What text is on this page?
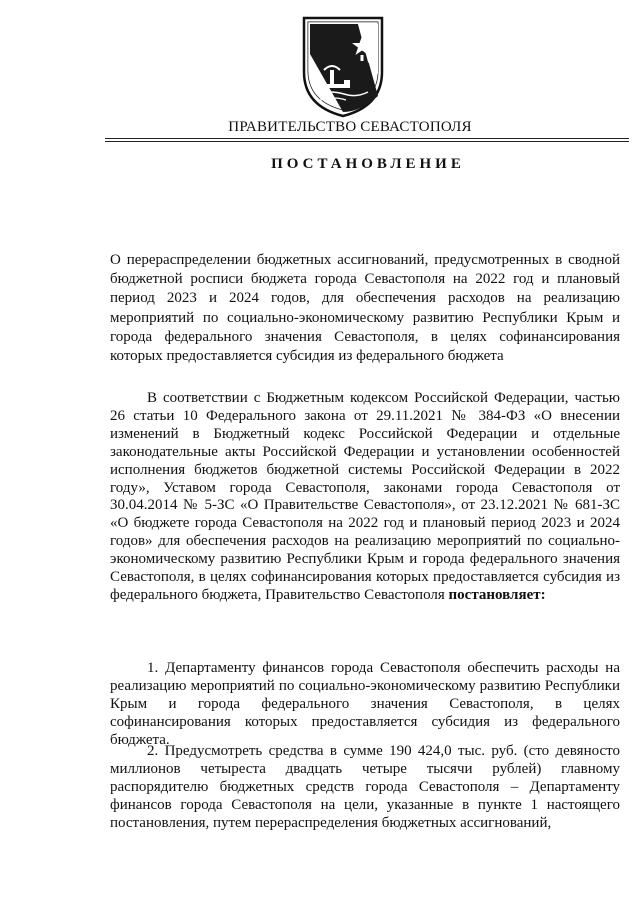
ПРАВИТЕЛЬСТВО СЕВАСТОПОЛЯ
ПОСТАНОВЛЕНИЕ
О перераспределении бюджетных ассигнований, предусмотренных в сводной бюджетной росписи бюджета города Севастополя на 2022 год и плановый период 2023 и 2024 годов, для обеспечения расходов на реализацию мероприятий по социально-экономическому развитию Республики Крым и города федерального значения Севастополя, в целях софинансирования которых предоставляется субсидия из федерального бюджета
В соответствии с Бюджетным кодексом Российской Федерации, частью 26 статьи 10 Федерального закона от 29.11.2021 № 384-ФЗ «О внесении изменений в Бюджетный кодекс Российской Федерации и отдельные законодательные акты Российской Федерации и установлении особенностей исполнения бюджетов бюджетной системы Российской Федерации в 2022 году», Уставом города Севастополя, законами города Севастополя от 30.04.2014 № 5-ЗС «О Правительстве Севастополя», от 23.12.2021 № 681-ЗС «О бюджете города Севастополя на 2022 год и плановый период 2023 и 2024 годов» для обеспечения расходов на реализацию мероприятий по социально-экономическому развитию Республики Крым и города федерального значения Севастополя, в целях софинансирования которых предоставляется субсидия из федерального бюджета, Правительство Севастополя постановляет:
1. Департаменту финансов города Севастополя обеспечить расходы на реализацию мероприятий по социально-экономическому развитию Республики Крым и города федерального значения Севастополя, в целях софинансирования которых предоставляется субсидия из федерального бюджета.
2. Предусмотреть средства в сумме 190 424,0 тыс. руб. (сто девяносто миллионов четыреста двадцать четыре тысячи рублей) главному распорядителю бюджетных средств города Севастополя – Департаменту финансов города Севастополя на цели, указанные в пункте 1 настоящего постановления, путем перераспределения бюджетных ассигнований,
